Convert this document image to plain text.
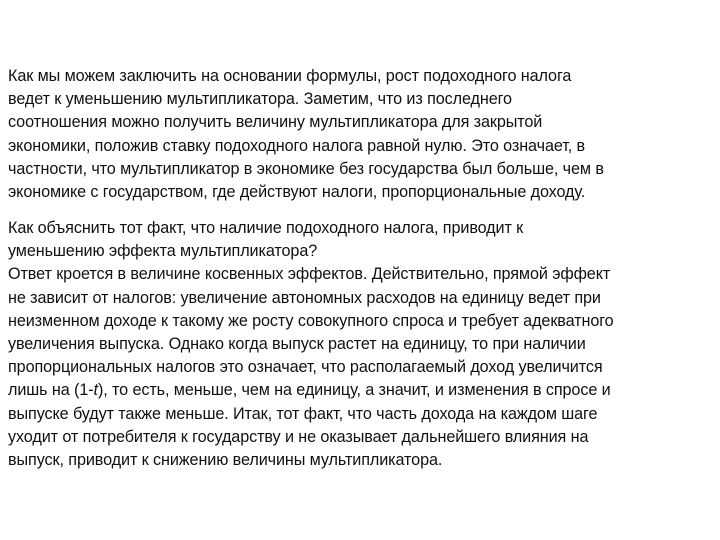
Как мы можем заключить на основании формулы, рост подоходного налога
ведет к уменьшению мультипликатора. Заметим, что из последнего
соотношения можно получить величину мультипликатора для закрытой
экономики, положив ставку подоходного налога равной нулю. Это означает, в
частности, что мультипликатор в экономике без государства был больше, чем в
экономике с государством, где действуют налоги, пропорциональные доходу.
Как объяснить тот факт, что наличие подоходного налога, приводит к
уменьшению эффекта мультипликатора?
Ответ кроется в величине косвенных эффектов. Действительно, прямой эффект
не зависит от налогов: увеличение автономных расходов на единицу ведет при
неизменном доходе к такому же росту совокупного спроса и требует адекватного
увеличения выпуска. Однако когда выпуск растет на единицу, то при наличии
пропорциональных налогов это означает, что располагаемый доход увеличится
лишь на (1-t), то есть, меньше, чем на единицу, а значит, и изменения в спросе и
выпуске будут также меньше. Итак, тот факт, что часть дохода на каждом шаге
уходит от потребителя к государству и не оказывает дальнейшего влияния на
выпуск, приводит к снижению величины мультипликатора.
